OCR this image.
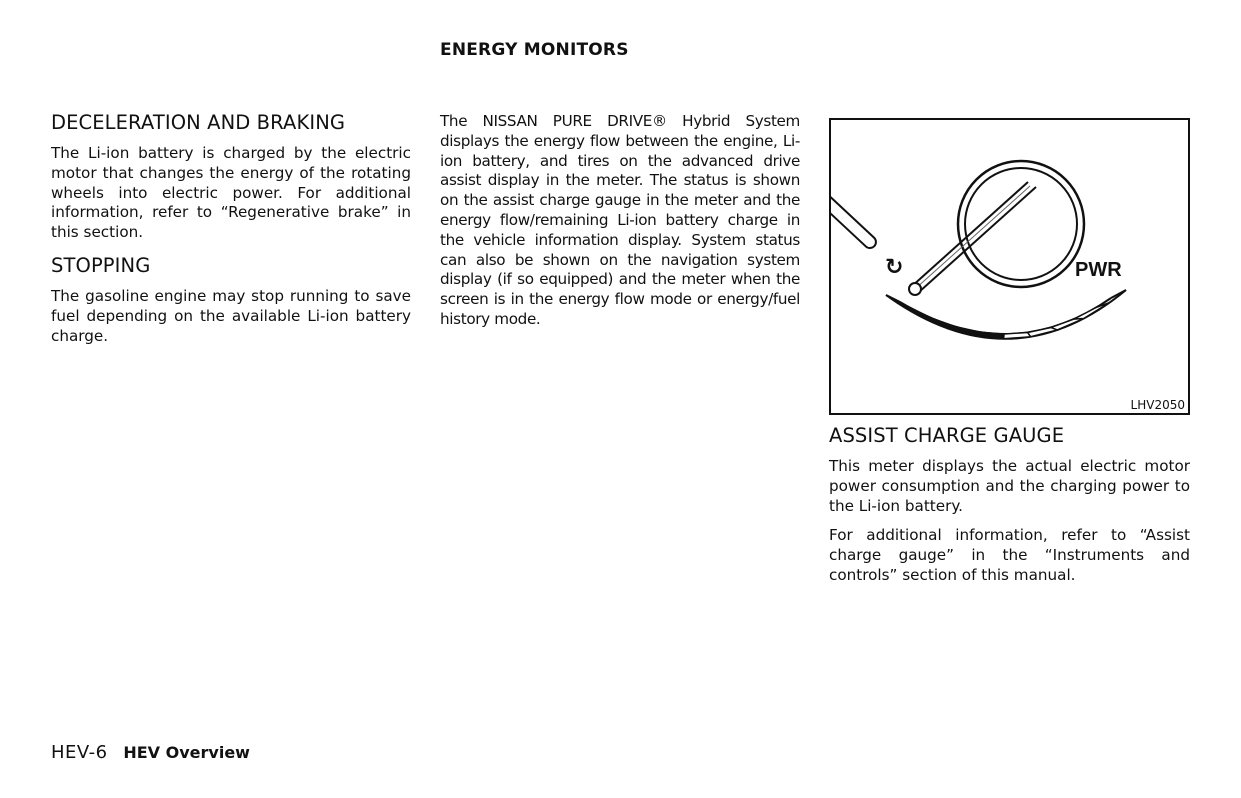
ENERGY MONITORS
DECELERATION AND BRAKING

The Li-ion battery is charged by the electric motor that changes the energy of the rotating wheels into electric power. For additional information, refer to “Regenerative brake” in this section.

STOPPING

The gasoline engine may stop running to save fuel depending on the available Li-ion battery charge.

The NISSAN PURE DRIVE® Hybrid System displays the energy flow between the engine, Li-ion battery, and tires on the advanced drive assist display in the meter. The status is shown on the assist charge gauge in the meter and the energy flow/remaining Li-ion battery charge in the vehicle information display. System status can also be shown on the navigation system display (if so equipped) and the meter when the screen is in the energy flow mode or energy/fuel history mode.

↻	PWR
LHV2050
ASSIST CHARGE GAUGE

This meter displays the actual electric motor power consumption and the charging power to the Li-ion battery.

For additional information, refer to “Assist charge gauge” in the “Instruments and controls” section of this manual.

HEV-6 HEV Overview
